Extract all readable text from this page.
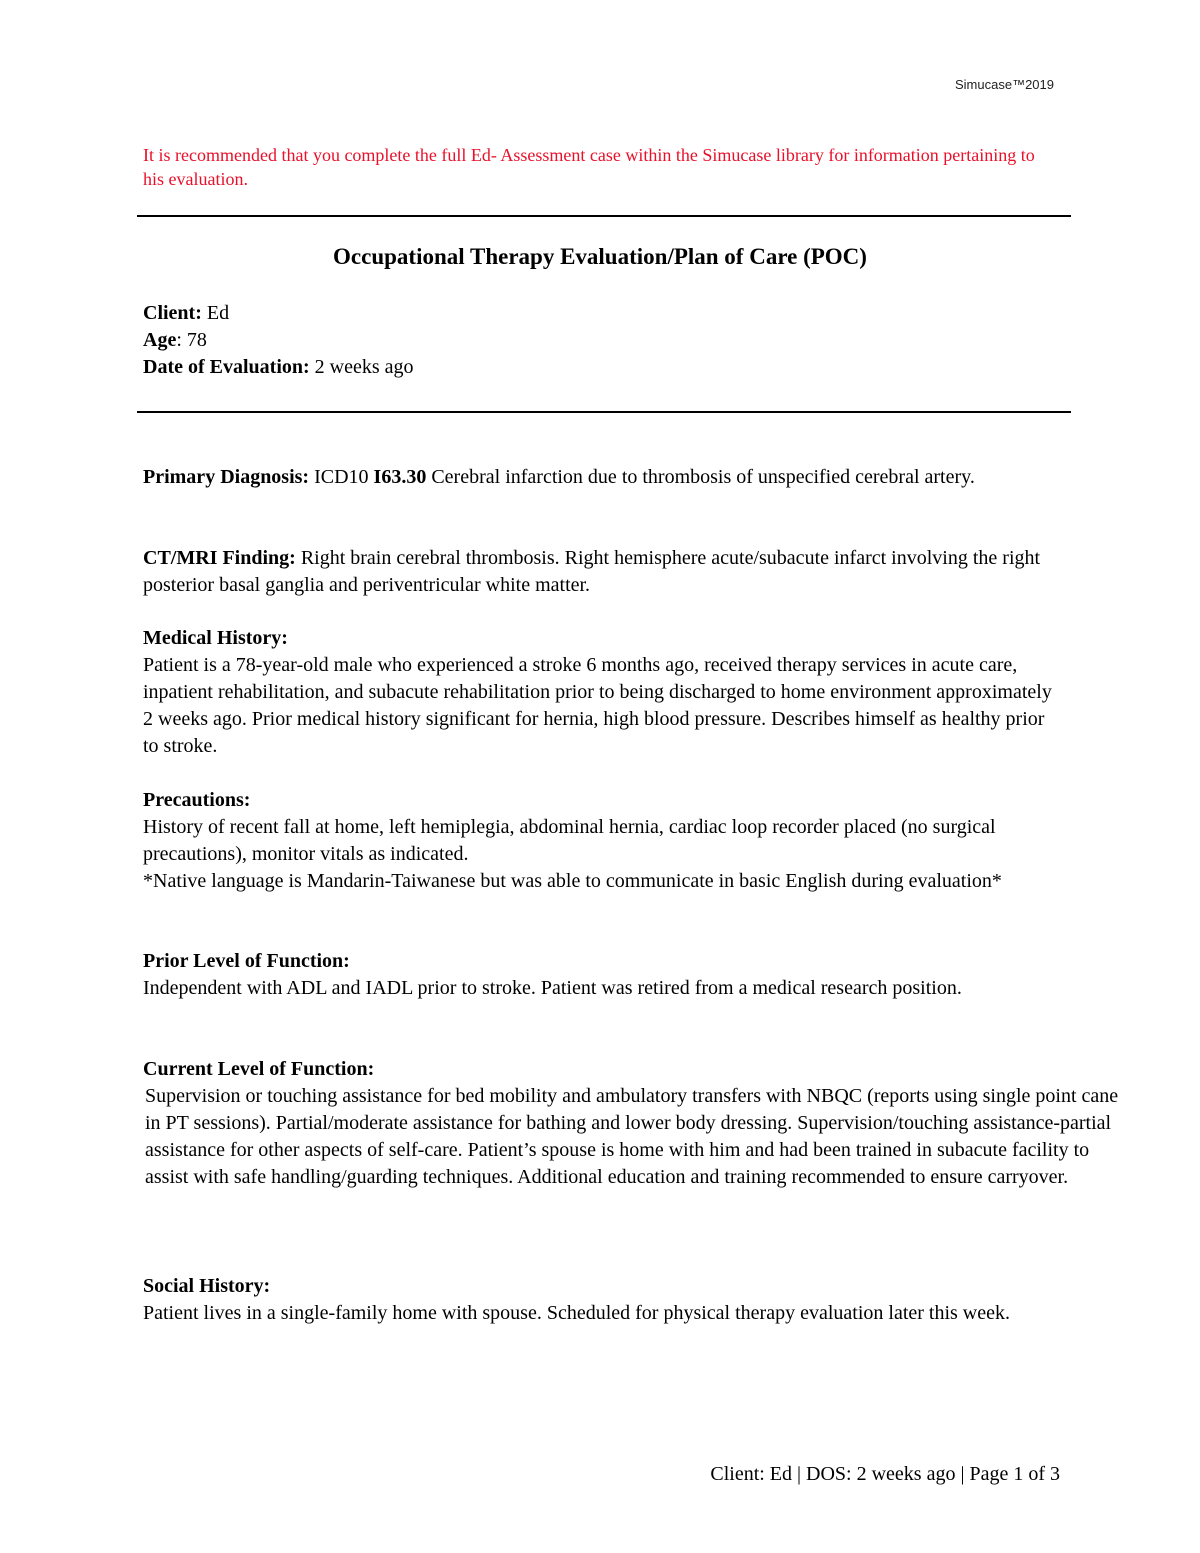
Simucase™2019
It is recommended that you complete the full Ed- Assessment case within the Simucase library for information pertaining to his evaluation.
Occupational Therapy Evaluation/Plan of Care (POC)
Client: Ed
Age: 78
Date of Evaluation: 2 weeks ago
Primary Diagnosis: ICD10 I63.30 Cerebral infarction due to thrombosis of unspecified cerebral artery.
CT/MRI Finding: Right brain cerebral thrombosis. Right hemisphere acute/subacute infarct involving the right posterior basal ganglia and periventricular white matter.
Medical History:
Patient is a 78-year-old male who experienced a stroke 6 months ago, received therapy services in acute care, inpatient rehabilitation, and subacute rehabilitation prior to being discharged to home environment approximately 2 weeks ago. Prior medical history significant for hernia, high blood pressure. Describes himself as healthy prior to stroke.
Precautions:
History of recent fall at home, left hemiplegia, abdominal hernia, cardiac loop recorder placed (no surgical precautions), monitor vitals as indicated.
*Native language is Mandarin-Taiwanese but was able to communicate in basic English during evaluation*
Prior Level of Function:
Independent with ADL and IADL prior to stroke. Patient was retired from a medical research position.
Current Level of Function:
Supervision or touching assistance for bed mobility and ambulatory transfers with NBQC (reports using single point cane in PT sessions). Partial/moderate assistance for bathing and lower body dressing. Supervision/touching assistance-partial assistance for other aspects of self-care. Patient’s spouse is home with him and had been trained in subacute facility to assist with safe handling/guarding techniques. Additional education and training recommended to ensure carryover.
Social History:
Patient lives in a single-family home with spouse. Scheduled for physical therapy evaluation later this week.
Client: Ed | DOS: 2 weeks ago | Page 1 of 3
